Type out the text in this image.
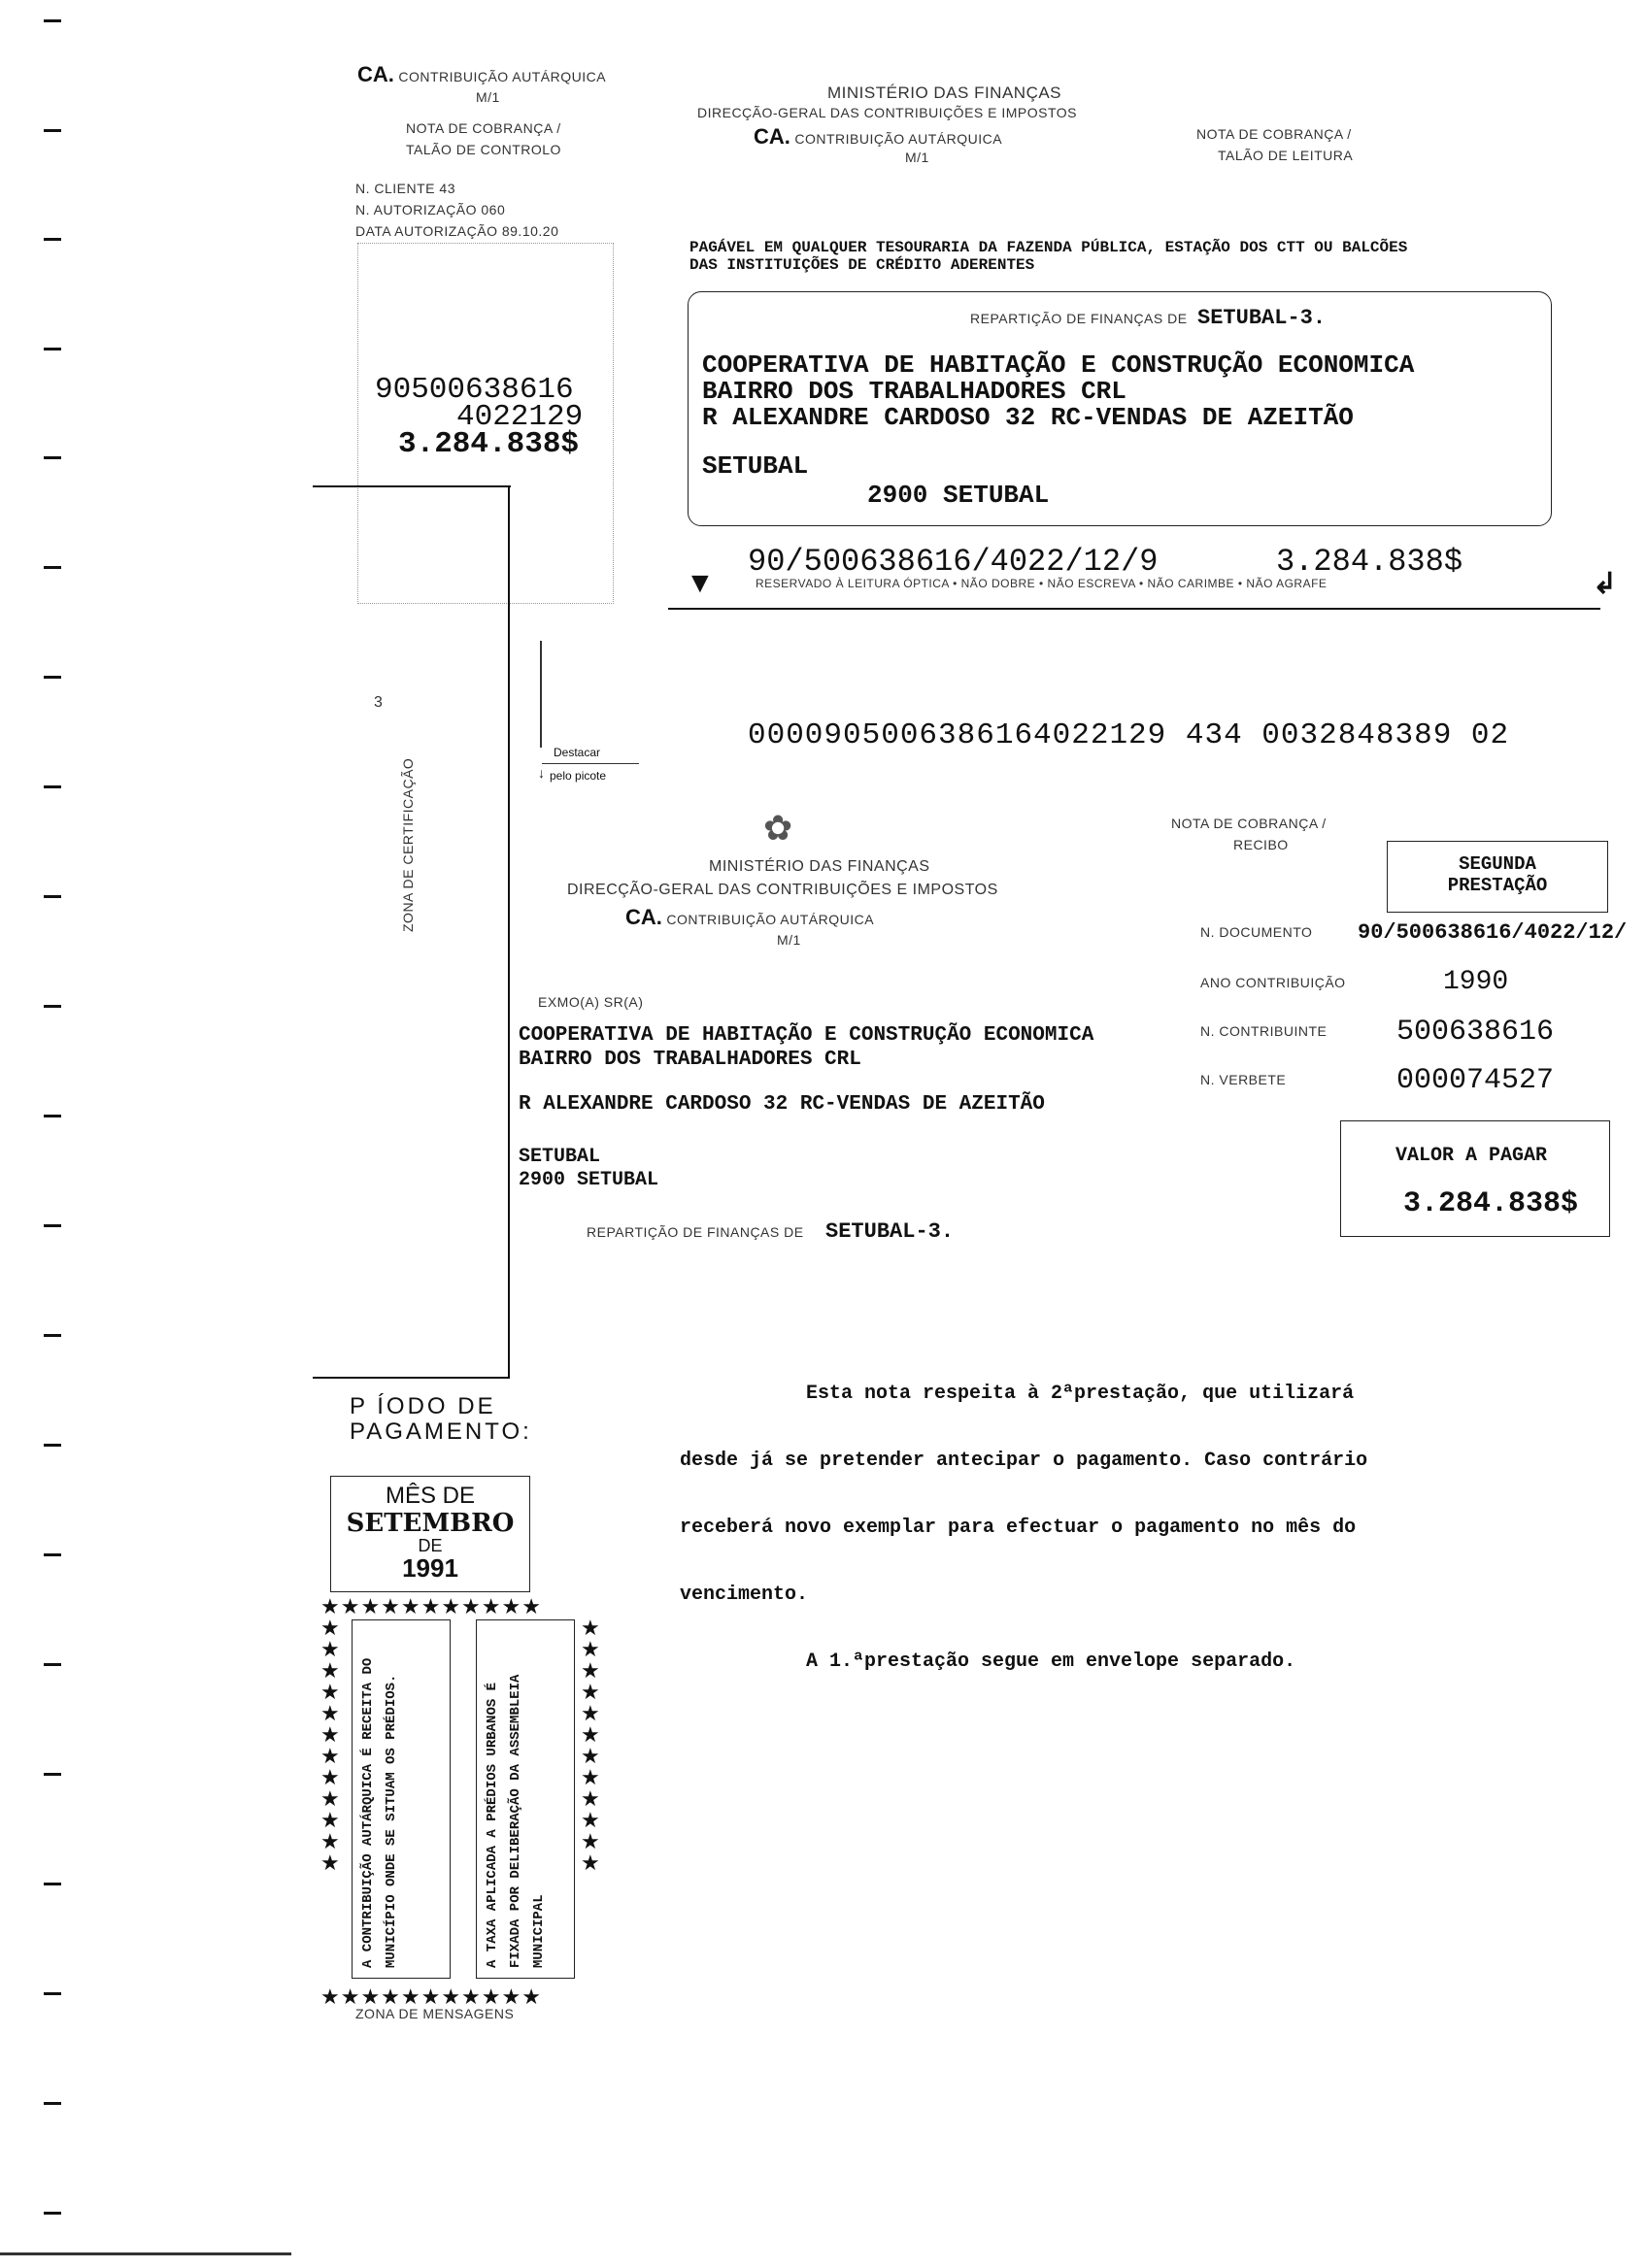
CA. CONTRIBUIÇÃO AUTÁRQUICA
M/1
NOTA DE COBRANÇA /
TALÃO DE CONTROLO
N. CLIENTE 43
N. AUTORIZAÇÃO 060
DATA AUTORIZAÇÃO 89.10.20
90500638616
4022129
3.284.838$
3
ZONA DE CERTIFICAÇÃO
Destacar
↓ pelo picote
P ÍODO DE
PAGAMENTO:
MÊS DE
SETEMBRO
DE
1991
★★★★★★★★★★★
★
★
★
★
★
★
★
★
★
★
★
★
★
★
★
★
★
★
★
★
★
★
★
★
★★★★★★★★★★★
A CONTRIBUIÇÃO AUTÁRQUICA É RECEITA DO MUNICÍPIO ONDE SE SITUAM OS PRÉDIOS.	A TAXA APLICADA A PRÉDIOS URBANOS É FIXADA POR DELIBERAÇÃO DA ASSEMBLEIA MUNICIPAL
ZONA DE MENSAGENS
MINISTÉRIO DAS FINANÇAS
DIRECÇÃO-GERAL DAS CONTRIBUIÇÕES E IMPOSTOS
CA. CONTRIBUIÇÃO AUTÁRQUICA
M/1
NOTA DE COBRANÇA /
TALÃO DE LEITURA
PAGÁVEL EM QUALQUER TESOURARIA DA FAZENDA PÚBLICA, ESTAÇÃO DOS CTT OU BALCÕES
DAS INSTITUIÇÕES DE CRÉDITO ADERENTES
REPARTIÇÃO DE FINANÇAS DE SETUBAL-3.
COOPERATIVA DE HABITAÇÃO E CONSTRUÇÃO ECONOMICA
BAIRRO DOS TRABALHADORES CRL
R ALEXANDRE CARDOSO 32 RC-VENDAS DE AZEITÃO
SETUBAL
2900 SETUBAL
90/500638616/4022/12/9	3.284.838$
▼	RESERVADO À LEITURA ÓPTICA • NÃO DOBRE • NÃO ESCREVA • NÃO CARIMBE • NÃO AGRAFE	↲
0000905006386164022129 434 0032848389 02
✿
MINISTÉRIO DAS FINANÇAS
DIRECÇÃO-GERAL DAS CONTRIBUIÇÕES E IMPOSTOS
CA. CONTRIBUIÇÃO AUTÁRQUICA
M/1
NOTA DE COBRANÇA /
RECIBO
SEGUNDA
PRESTAÇÃO
N. DOCUMENTO 90/500638616/4022/12/
ANO CONTRIBUIÇÃO	1990
N. CONTRIBUINTE 500638616
N. VERBETE	000074527
VALOR A PAGAR
3.284.838$
EXMO(A) SR(A)
COOPERATIVA DE HABITAÇÃO E CONSTRUÇÃO ECONOMICA
BAIRRO DOS TRABALHADORES CRL
R ALEXANDRE CARDOSO 32 RC-VENDAS DE AZEITÃO
SETUBAL
2900 SETUBAL
REPARTIÇÃO DE FINANÇAS DE SETUBAL-3.

Esta nota respeita à 2ªprestação, que utilizará

desde já se pretender antecipar o pagamento. Caso contrário

receberá novo exemplar para efectuar o pagamento no mês do

vencimento.

A 1.ªprestação segue em envelope separado.
